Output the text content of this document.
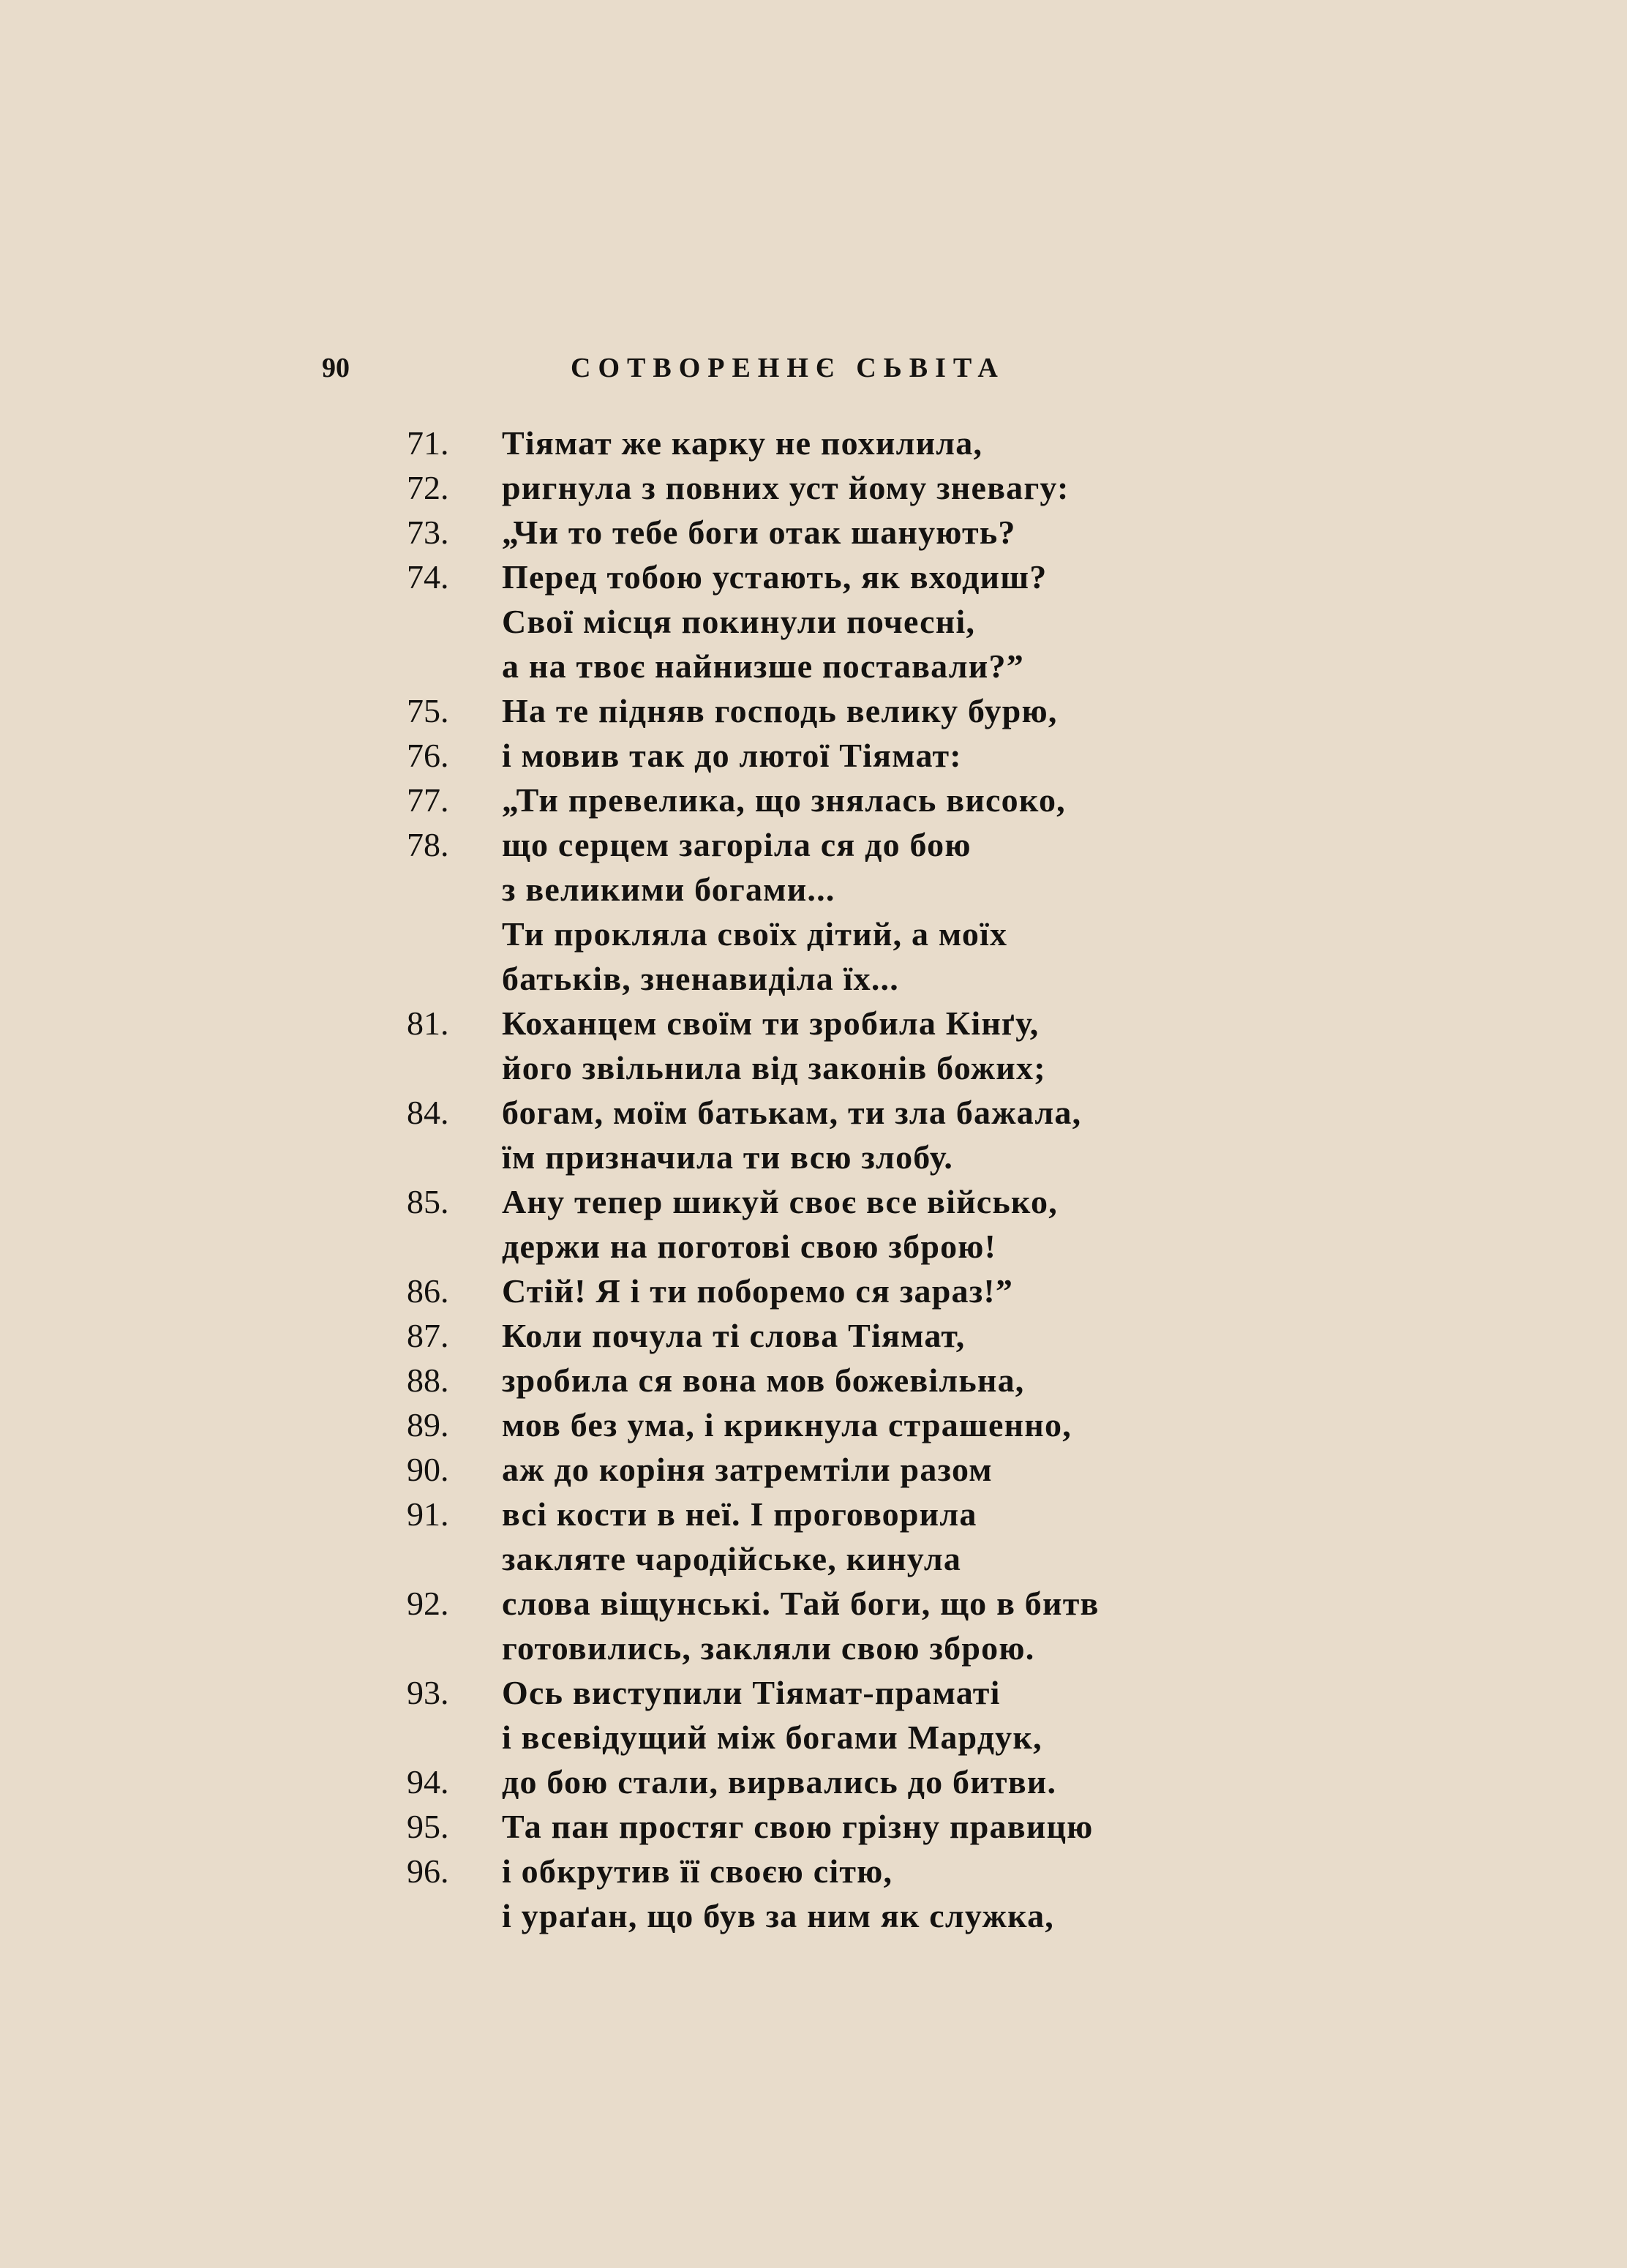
90	СОТВОРЕННЄ СЬВІТА
71.	Тіямат же карку не похилила,
72.	ригнула з повних уст йому зневагу:
73.	„Чи то тебе боги отак шанують?
74.	Перед тобою устають, як входиш?
Свої місця покинули почесні,
а на твоє найнизше поставали?”
75.	На те підняв господь велику бурю,
76.	і мовив так до лютої Тіямат:
77.	„Ти превелика, що знялась високо,
78.	що серцем загоріла ся до бою
з великими богами...
Ти прокляла своїх дітий, а моїх
батьків, зненавиділа їх...
81.	Коханцем своїм ти зробила Кінґу,
його звільнила від законів божих;
84.	богам, моїм батькам, ти зла бажала,
їм призначила ти всю злобу.
85.	Ану тепер шикуй своє все військо,
держи на поготові свою зброю!
86.	Стій! Я і ти поборемо ся зараз!”
87.	Коли почула ті слова Тіямат,
88.	зробила ся вона мов божевільна,
89.	мов без ума, і крикнула страшенно,
90.	аж до коріня затремтіли разом
91.	всі кости в неї. І проговорила
закляте чародійське, кинула
92.	слова віщунські. Тай боги, що в битв
готовились, закляли свою зброю.
93.	Ось виступили Тіямат-праматі
і всевідущий між богами Мардук,
94.	до бою стали, вирвались до битви.
95.	Та пан простяг свою грізну правицю
96.	і обкрутив її своєю сітю,
і ураґан, що був за ним як служка,
